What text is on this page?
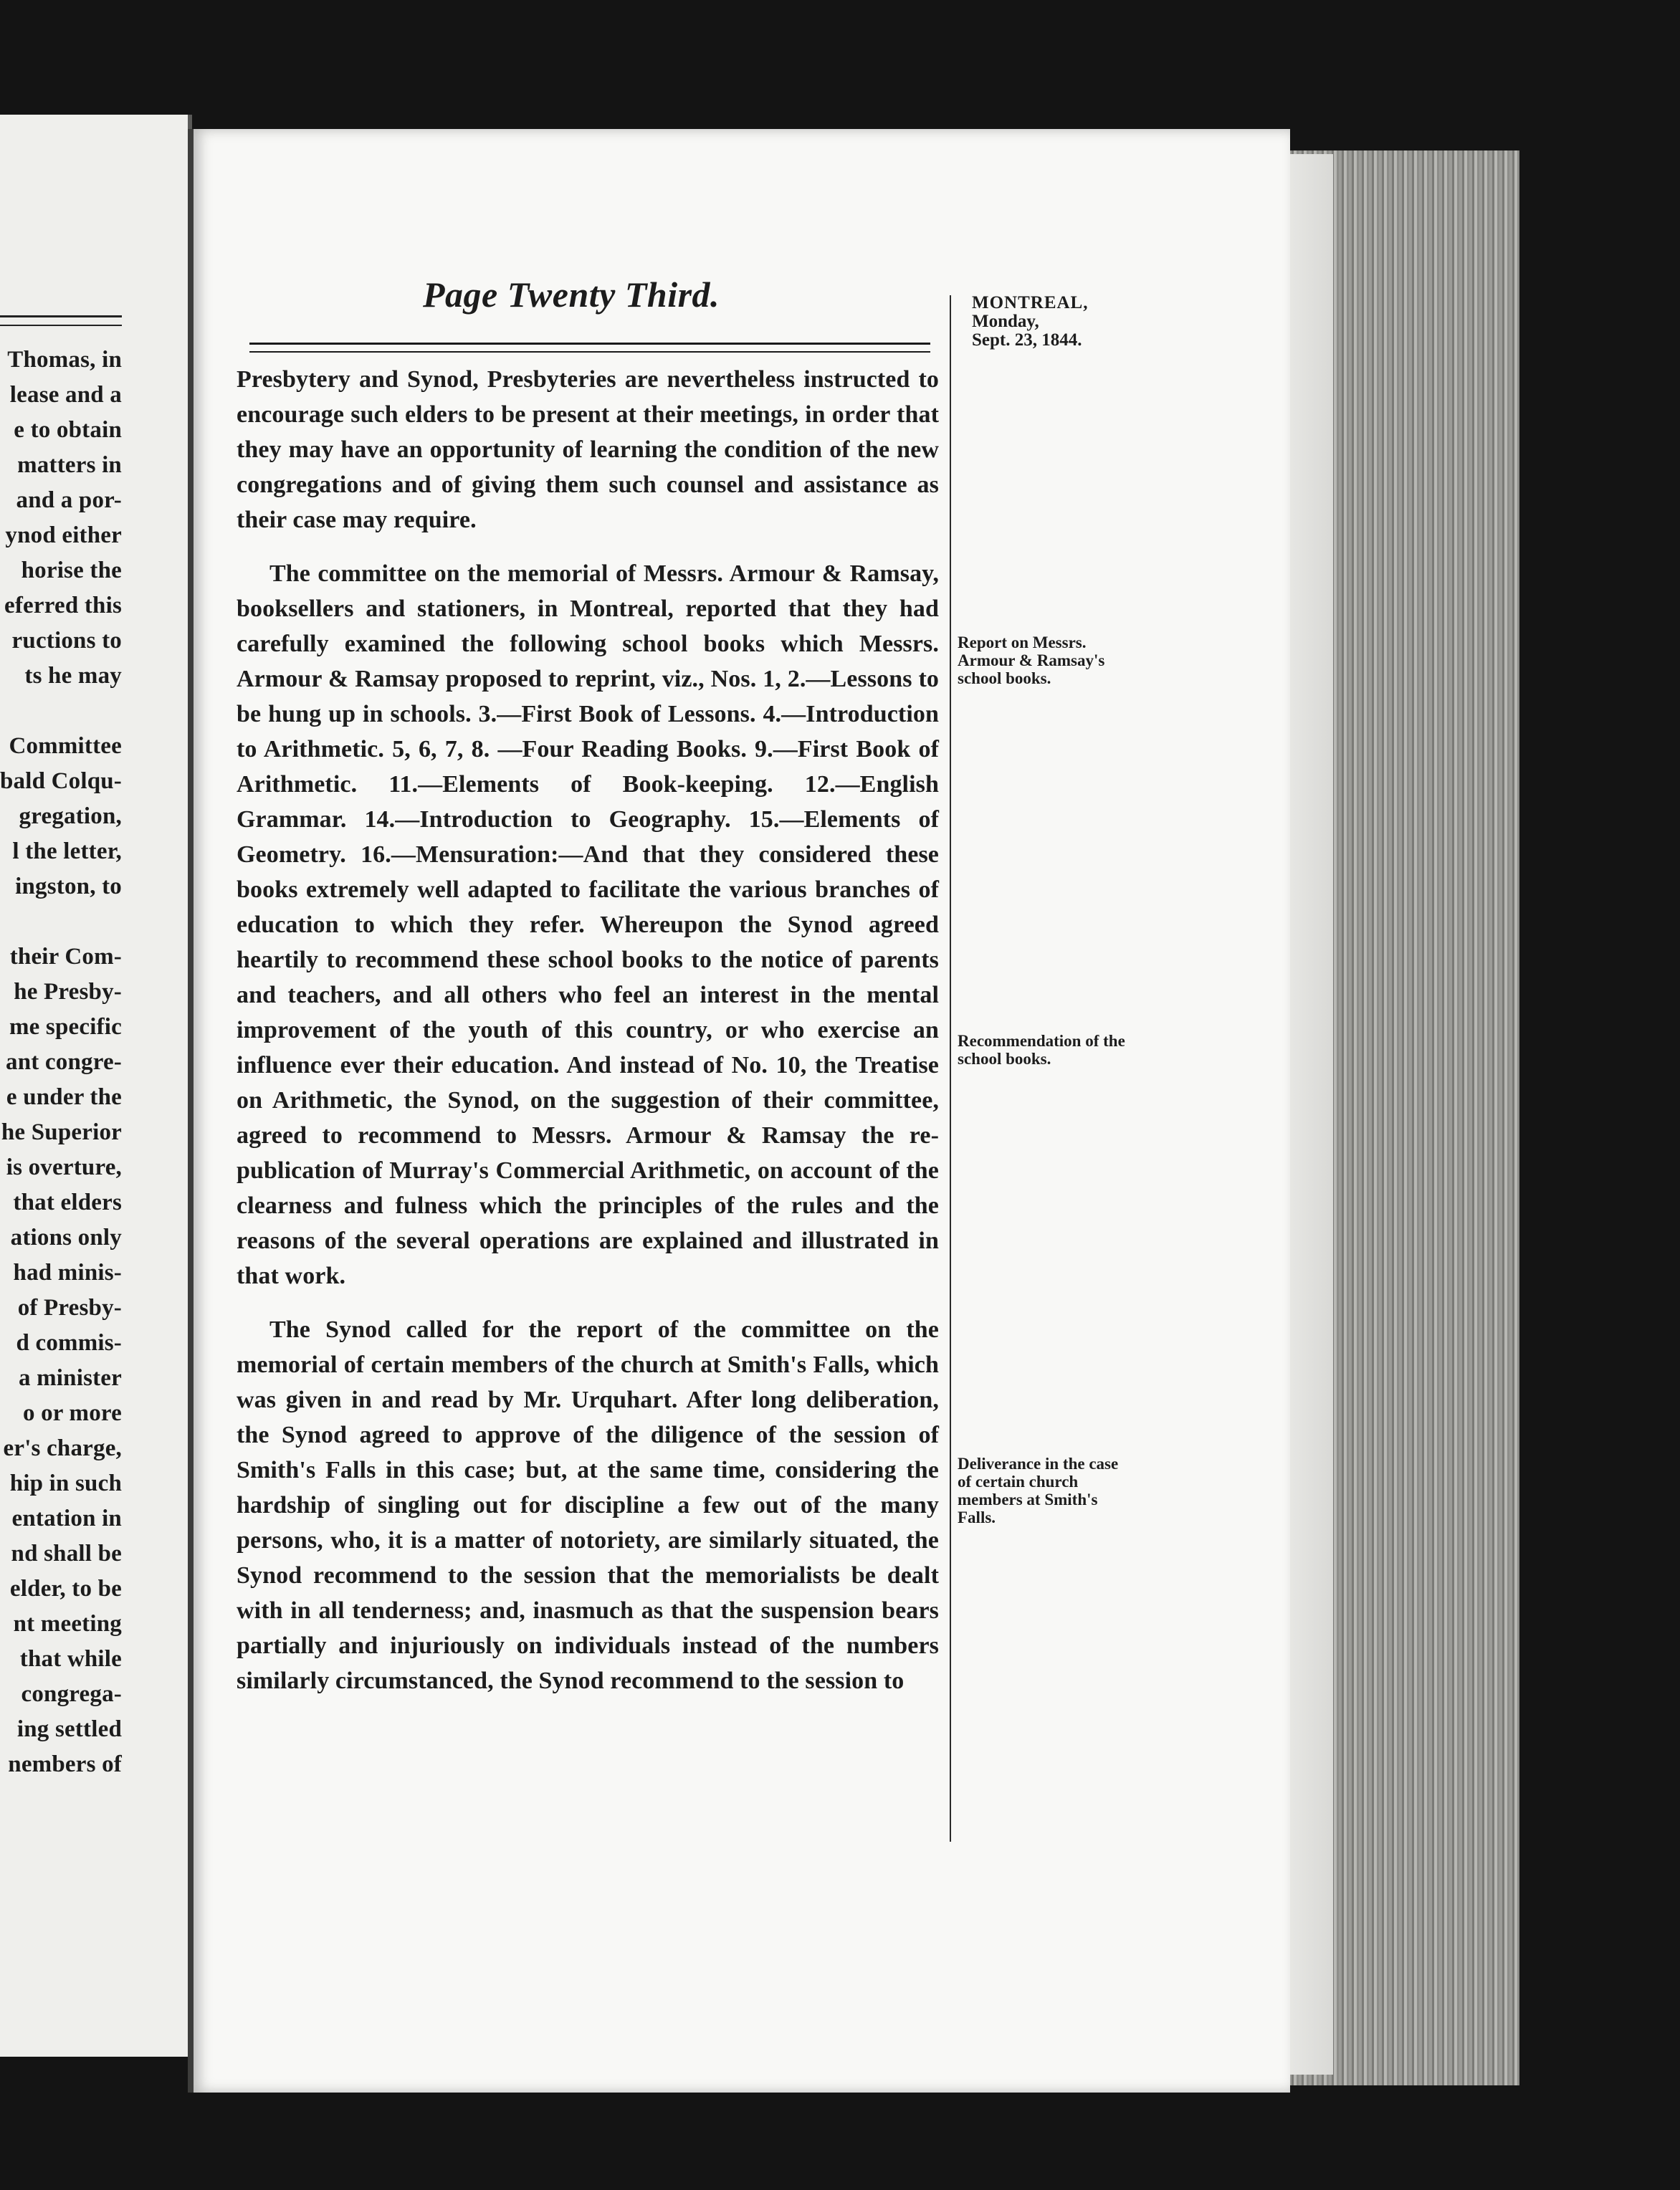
Thomas, in
lease and a
e to obtain
matters in
and a por-
ynod either
horise the
eferred this
ructions to
ts he may
Committee
bald Colqu-
gregation,
l the letter,
ingston, to
their Com-
he Presby-
me specific
ant congre-
e under the
he Superior
is overture,
that elders
ations only
had minis-
of Presby-
d commis-
a minister
o or more
er's charge,
hip in such
entation in
nd shall be
elder, to be
nt meeting
that while
congrega-
ing settled
nembers of
Page Twenty Third.	MONTREAL,
Monday,
Sept. 23, 1844.

Presbytery and Synod, Presbyteries are nevertheless instructed to encourage such elders to be present at their meetings, in order that they may have an opportunity of learning the condition of the new congregations and of giving them such counsel and assistance as their case may require.

The committee on the memorial of Messrs. Armour & Ramsay, booksellers and stationers, in Montreal, reported that they had carefully examined the following school books which Messrs. Armour & Ramsay proposed to reprint, viz., Nos. 1, 2.—Lessons to be hung up in schools. 3.—First Book of Lessons. 4.—Introduction to Arithmetic. 5, 6, 7, 8. —Four Reading Books. 9.—First Book of Arithmetic. 11.—Elements of Book-keeping. 12.—English Grammar. 14.—Introduction to Geography. 15.—Elements of Geometry. 16.—Mensuration:—And that they considered these books extremely well adapted to facilitate the various branches of education to which they refer. Whereupon the Synod agreed heartily to recommend these school books to the notice of parents and teachers, and all others who feel an interest in the mental improvement of the youth of this country, or who exercise an influence ever their education. And instead of No. 10, the Treatise on Arithmetic, the Synod, on the suggestion of their committee, agreed to recommend to Messrs. Armour & Ramsay the re-publication of Murray's Commercial Arithmetic, on account of the clearness and fulness which the principles of the rules and the reasons of the several operations are explained and illustrated in that work.

The Synod called for the report of the committee on the memorial of certain members of the church at Smith's Falls, which was given in and read by Mr. Urquhart. After long deliberation, the Synod agreed to approve of the diligence of the session of Smith's Falls in this case; but, at the same time, considering the hardship of singling out for discipline a few out of the many persons, who, it is a matter of notoriety, are similarly situated, the Synod recommend to the session that the memorialists be dealt with in all tenderness; and, inasmuch as that the suspension bears partially and injuriously on individuals instead of the numbers similarly circumstanced, the Synod recommend to the session to

Report on Messrs. Armour & Ramsay's school books.

Recommendation of the school books.

Deliverance in the case of certain church members at Smith's Falls.
